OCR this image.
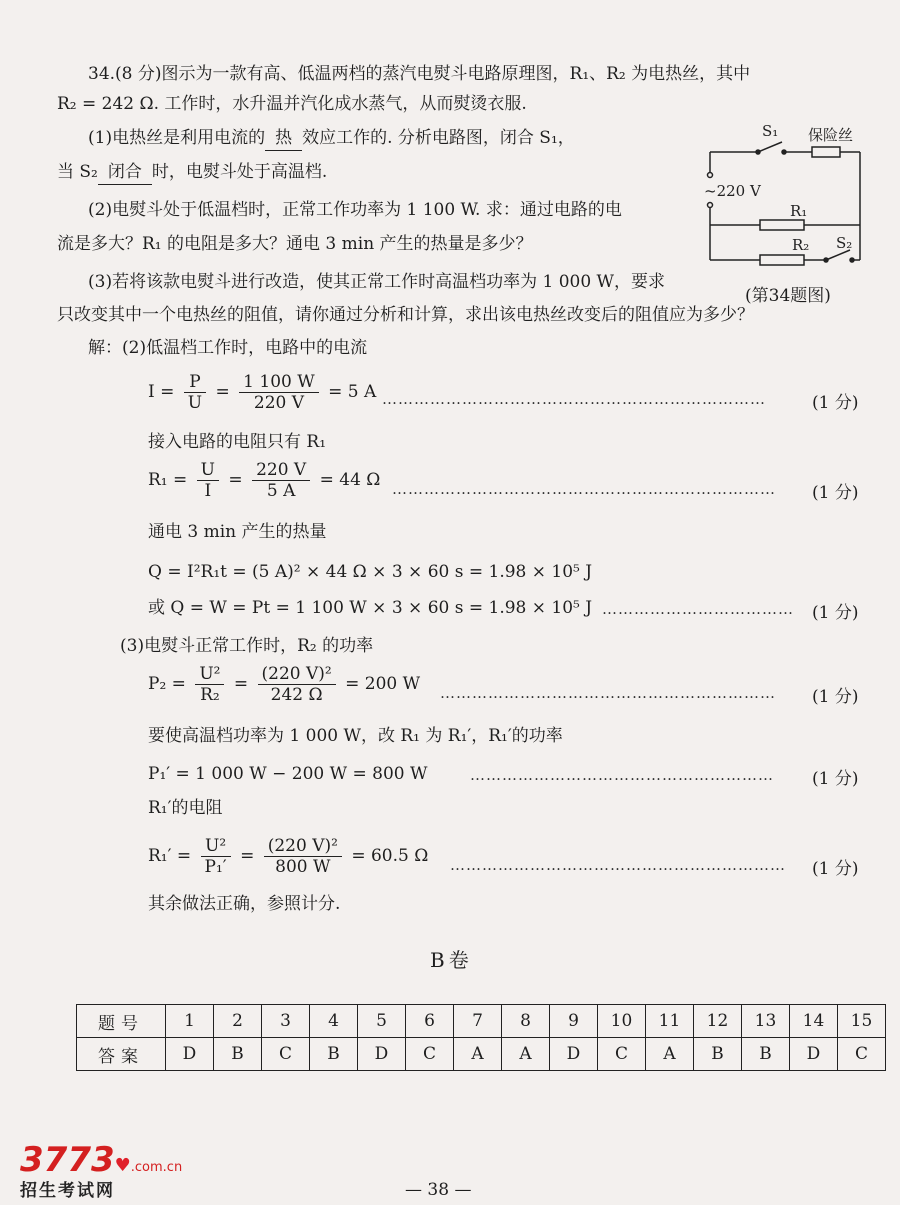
34.(8 分)图示为一款有高、低温两档的蒸汽电熨斗电路原理图，R₁、R₂ 为电热丝，其中
R₂ = 242 Ω. 工作时，水升温并汽化成水蒸气，从而熨烫衣服.
(1)电热丝是利用电流的 热 效应工作的. 分析电路图，闭合 S₁，
当 S₂ 闭合 时，电熨斗处于高温档.
(2)电熨斗处于低温档时，正常工作功率为 1 100 W. 求：通过电路的电
流是多大？R₁ 的电阻是多大？通电 3 min 产生的热量是多少？
(3)若将该款电熨斗进行改造，使其正常工作时高温档功率为 1 000 W，要求
只改变其中一个电热丝的阻值，请你通过分析和计算，求出该电热丝改变后的阻值应为多少？
S₁ 保险丝
~220 V
R₁
R₂ S₂
(第34题图)
解：(2)低温档工作时，电路中的电流
$I = \frac{P}{U} = \frac{1 100 W}{220 V} = 5$ A ………………………………………………………………	(1 分)
接入电路的电阻只有 R₁
$R_1 = \frac{U}{I} = \frac{220 V}{5 A} = 44$ Ω ……………………………………………………………… (1 分)
通电 3 min 产生的热量
Q = I²R₁t = (5 A)² × 44 Ω × 3 × 60 s = 1.98 × 10⁵ J
或 Q = W = Pt = 1 100 W × 3 × 60 s = 1.98 × 10⁵ J ……………………………… (1 分)
(3)电熨斗正常工作时，R₂ 的功率
$P_2 = \frac{\text{U²}}{\text{R₂}} = \frac{\text{(220 V)²}}{242 \Omega} = 200$ W ……………………………………………………… (1 分)
要使高温档功率为 1 000 W，改 R₁ 为 R₁′，R₁′的功率
P₁′ = 1 000 W − 200 W = 800 W	………………………………………………… (1 分)
R₁′的电阻
$R_1' = \frac{\text{U²}}{\text{P₁′}} = \frac{\text{(220 V)²}}{800 W} = 60.5$ Ω ……………………………………………………… (1 分)
其余做法正确，参照计分.
B卷
题号	1	2	3	4	5	6	7	8	9	10	11	12	13	14	15
答案	D	B	C	B	D	C	A	A	D	C	A	B	B	D	C
— 38 —
3773♥.com.cn
招生考试网
